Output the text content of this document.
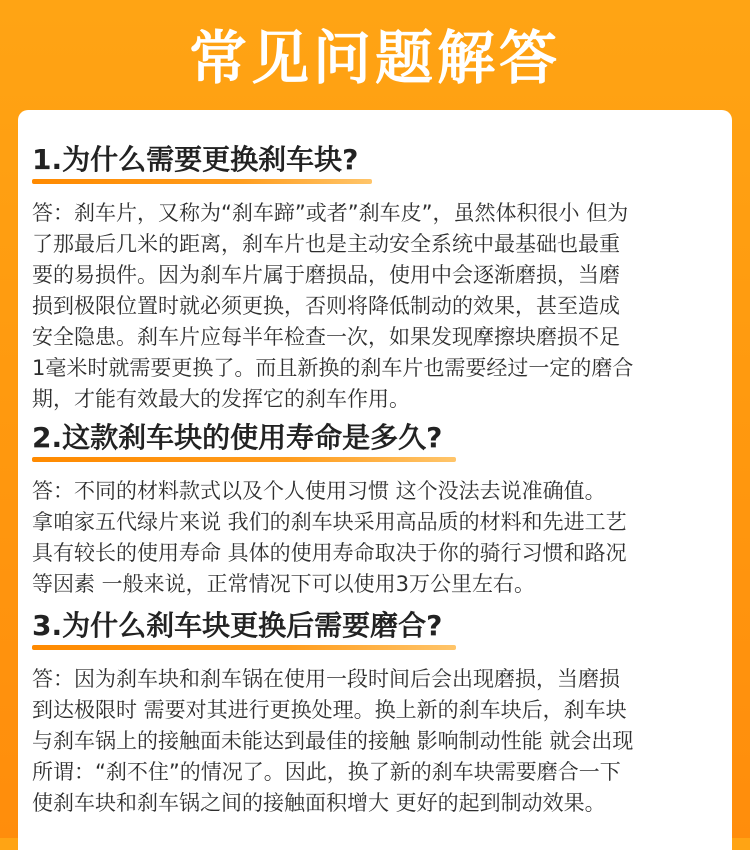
常见问题解答
1.为什么需要更换刹车块?
答：刹车片，又称为“刹车蹄”或者”刹车皮”，虽然体积很小 但为
了那最后几米的距离，刹车片也是主动安全系统中最基础也最重
要的易损件。因为刹车片属于磨损品，使用中会逐渐磨损，当磨
损到极限位置时就必须更换，否则将降低制动的效果，甚至造成
安全隐患。刹车片应每半年检查一次，如果发现摩擦块磨损不足
1毫米时就需要更换了。而且新换的刹车片也需要经过一定的磨合
期，才能有效最大的发挥它的刹车作用。
2.这款刹车块的使用寿命是多久?
答：不同的材料款式以及个人使用习惯 这个没法去说准确值。
拿咱家五代绿片来说 我们的刹车块采用高品质的材料和先进工艺
具有较长的使用寿命 具体的使用寿命取决于你的骑行习惯和路况
等因素 一般来说，正常情况下可以使用3万公里左右。
3.为什么刹车块更换后需要磨合?
答：因为刹车块和刹车锅在使用一段时间后会出现磨损，当磨损
到达极限时 需要对其进行更换处理。换上新的刹车块后，刹车块
与刹车锅上的接触面未能达到最佳的接触 影响制动性能 就会出现
所谓：“刹不住”的情况了。因此，换了新的刹车块需要磨合一下
使刹车块和刹车锅之间的接触面积增大 更好的起到制动效果。
